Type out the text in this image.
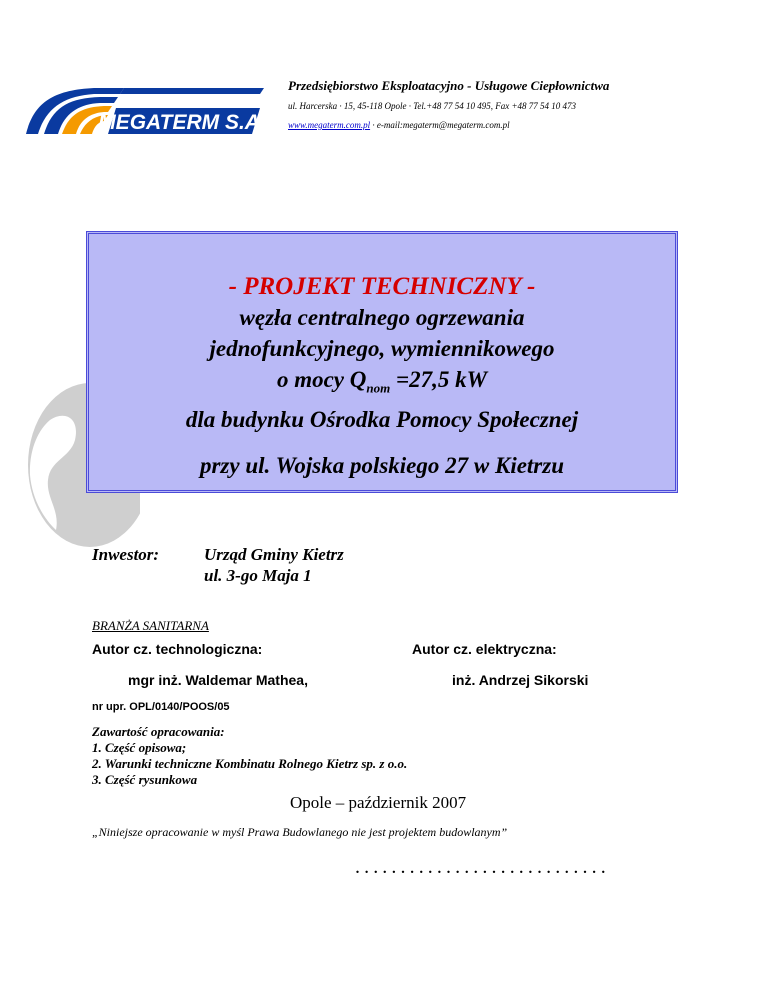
MEGATERM S.A.
Przedsiębiorstwo Eksploatacyjno - Usługowe Ciepłownictwa
ul. Harcerska · 15, 45-118 Opole · Tel.+48 77 54 10 495, Fax +48 77 54 10 473
www.megaterm.com.pl · e-mail:megaterm@megaterm.com.pl
- PROJEKT TECHNICZNY -
węzła centralnego ogrzewania
jednofunkcyjnego, wymiennikowego
o mocy $Q_{nom} =27,5$ kW
dla budynku Ośrodka Pomocy Społecznej
przy ul. Wojska polskiego 27 w Kietrzu
Inwestor:	Urząd Gminy Kietrz
ul. 3-go Maja 1
BRANŻA SANITARNA
Autor cz. technologiczna:	Autor cz. elektryczna:
mgr inż. Waldemar Mathea,	inż. Andrzej Sikorski
nr upr. OPL/0140/POOS/05
Zawartość opracowania:
1. Część opisowa;
2. Warunki techniczne Kombinatu Rolnego Kietrz sp. z o.o.
3. Część rysunkowa
Opole – październik 2007
„Niniejsze opracowanie w myśl Prawa Budowlanego nie jest projektem budowlanym”
............................
